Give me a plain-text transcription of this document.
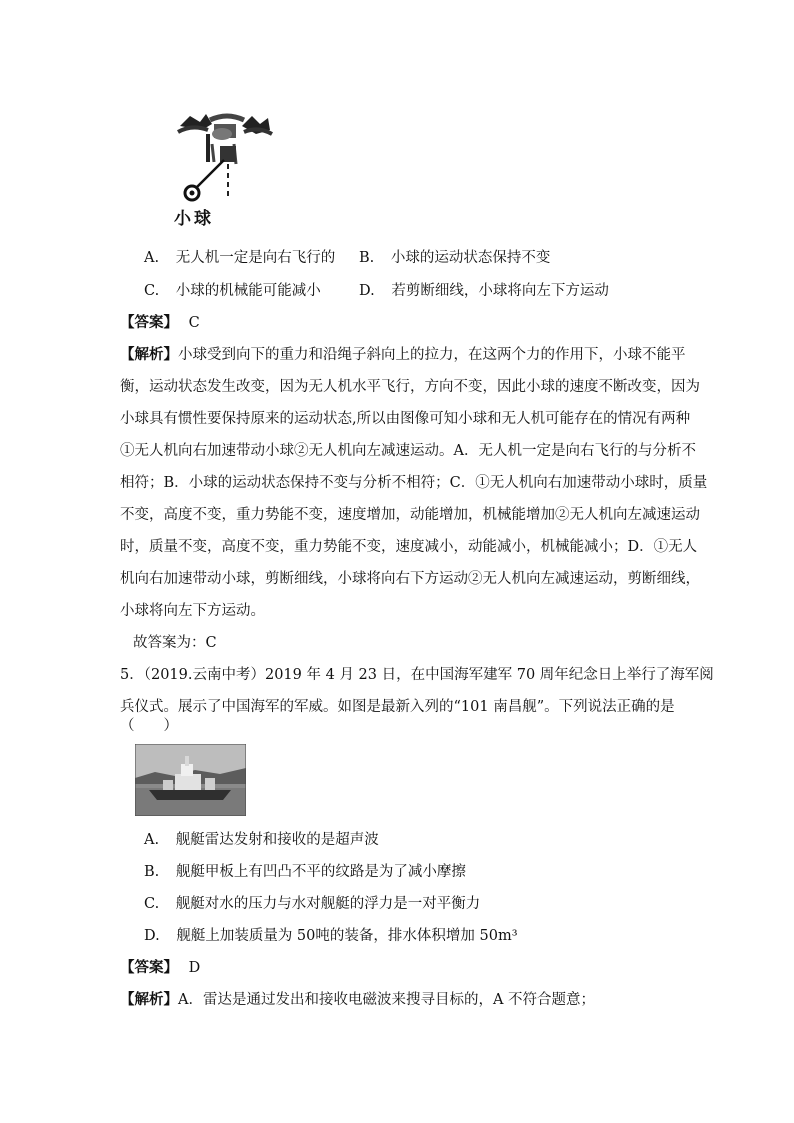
小球
A. 无人机一定是向右飞行的 B. 小球的运动状态保持不变
C. 小球的机械能可能减小	D. 若剪断细线，小球将向左下方运动
【答案】 C
【解析】小球受到向下的重力和沿绳子斜向上的拉力，在这两个力的作用下，小球不能平
衡，运动状态发生改变，因为无人机水平飞行，方向不变，因此小球的速度不断改变，因为
小球具有惯性要保持原来的运动状态,所以由图像可知小球和无人机可能存在的情况有两种
①无人机向右加速带动小球②无人机向左减速运动。A．无人机一定是向右飞行的与分析不
相符；B．小球的运动状态保持不变与分析不相符；C．①无人机向右加速带动小球时，质量
不变，高度不变，重力势能不变，速度增加，动能增加，机械能增加②无人机向左减速运动
时，质量不变，高度不变，重力势能不变，速度减小，动能减小，机械能减小；D．①无人
机向右加速带动小球，剪断细线，小球将向右下方运动②无人机向左减速运动，剪断细线，
小球将向左下方运动。
故答案为：C
5．（2019.云南中考）2019 年 4 月 23 日，在中国海军建军 70 周年纪念日上举行了海军阅
兵仪式。展示了中国海军的军威。如图是最新入列的“101 南昌舰”。下列说法正确的是
（　　）
A. 舰艇雷达发射和接收的是超声波
B. 舰艇甲板上有凹凸不平的纹路是为了减小摩擦
C. 舰艇对水的压力与水对舰艇的浮力是一对平衡力
D. 舰艇上加装质量为 50吨的装备，排水体积增加 50m³
【答案】 D
【解析】A．雷达是通过发出和接收电磁波来搜寻目标的，A 不符合题意；
